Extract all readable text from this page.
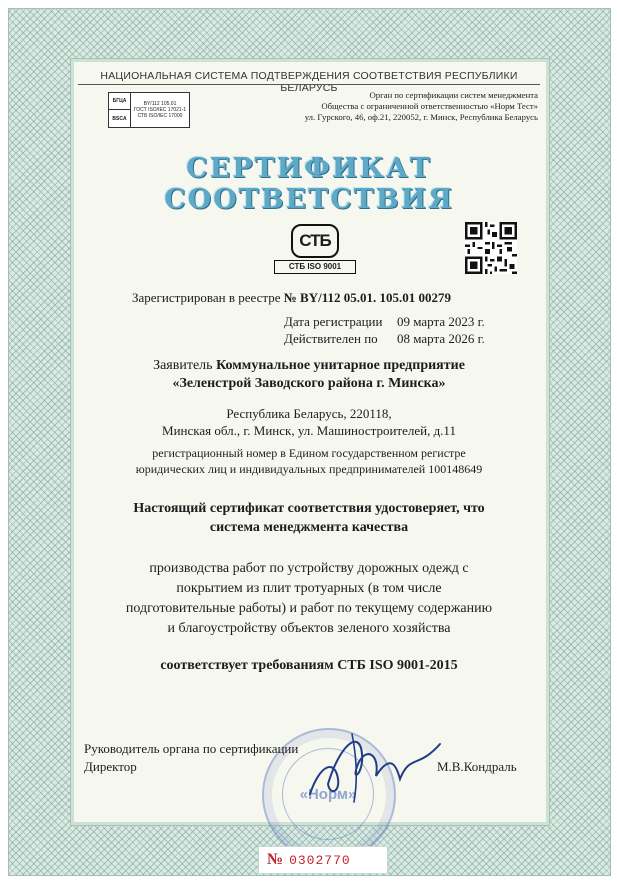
НАЦИОНАЛЬНАЯ СИСТЕМА ПОДТВЕРЖДЕНИЯ СООТВЕТСТВИЯ РЕСПУБЛИКИ БЕЛАРУСЬ
БГЦА	BY/112 105.01
ГОСТ ISO/IEC 17021-1
СТБ ISO/IEC 17000
BSCA
Орган по сертификации систем менеджмента
Общества с ограниченной ответственностью «Норм Тест»
ул. Гурского, 46, оф.21, 220052, г. Минск, Республика Беларусь
СЕРТИФИКАТ СООТВЕТСТВИЯ
СТБ
СТБ ISO 9001
Зарегистрирован в реестре № BY/112 05.01. 105.01 00279
Дата регистрации 09 марта 2023 г.
Действителен по 08 марта 2026 г.
Заявитель Коммунальное унитарное предприятие
«Зеленстрой Заводского района г. Минска»
Республика Беларусь, 220118,
Минская обл., г. Минск, ул. Машиностроителей, д.11
регистрационный номер в Едином государственном регистре
юридических лиц и индивидуальных предпринимателей 100148649
Настоящий сертификат соответствия удостоверяет, что
система менеджмента качества
производства работ по устройству дорожных одежд с
покрытием из плит тротуарных (в том числе
подготовительные работы) и работ по текущему содержанию
и благоустройству объектов зеленого хозяйства
соответствует требованиям СТБ ISO 9001-2015
«Норм»
Руководитель органа по сертификации
Директор	М.В.Кондраль
№ 0302770
